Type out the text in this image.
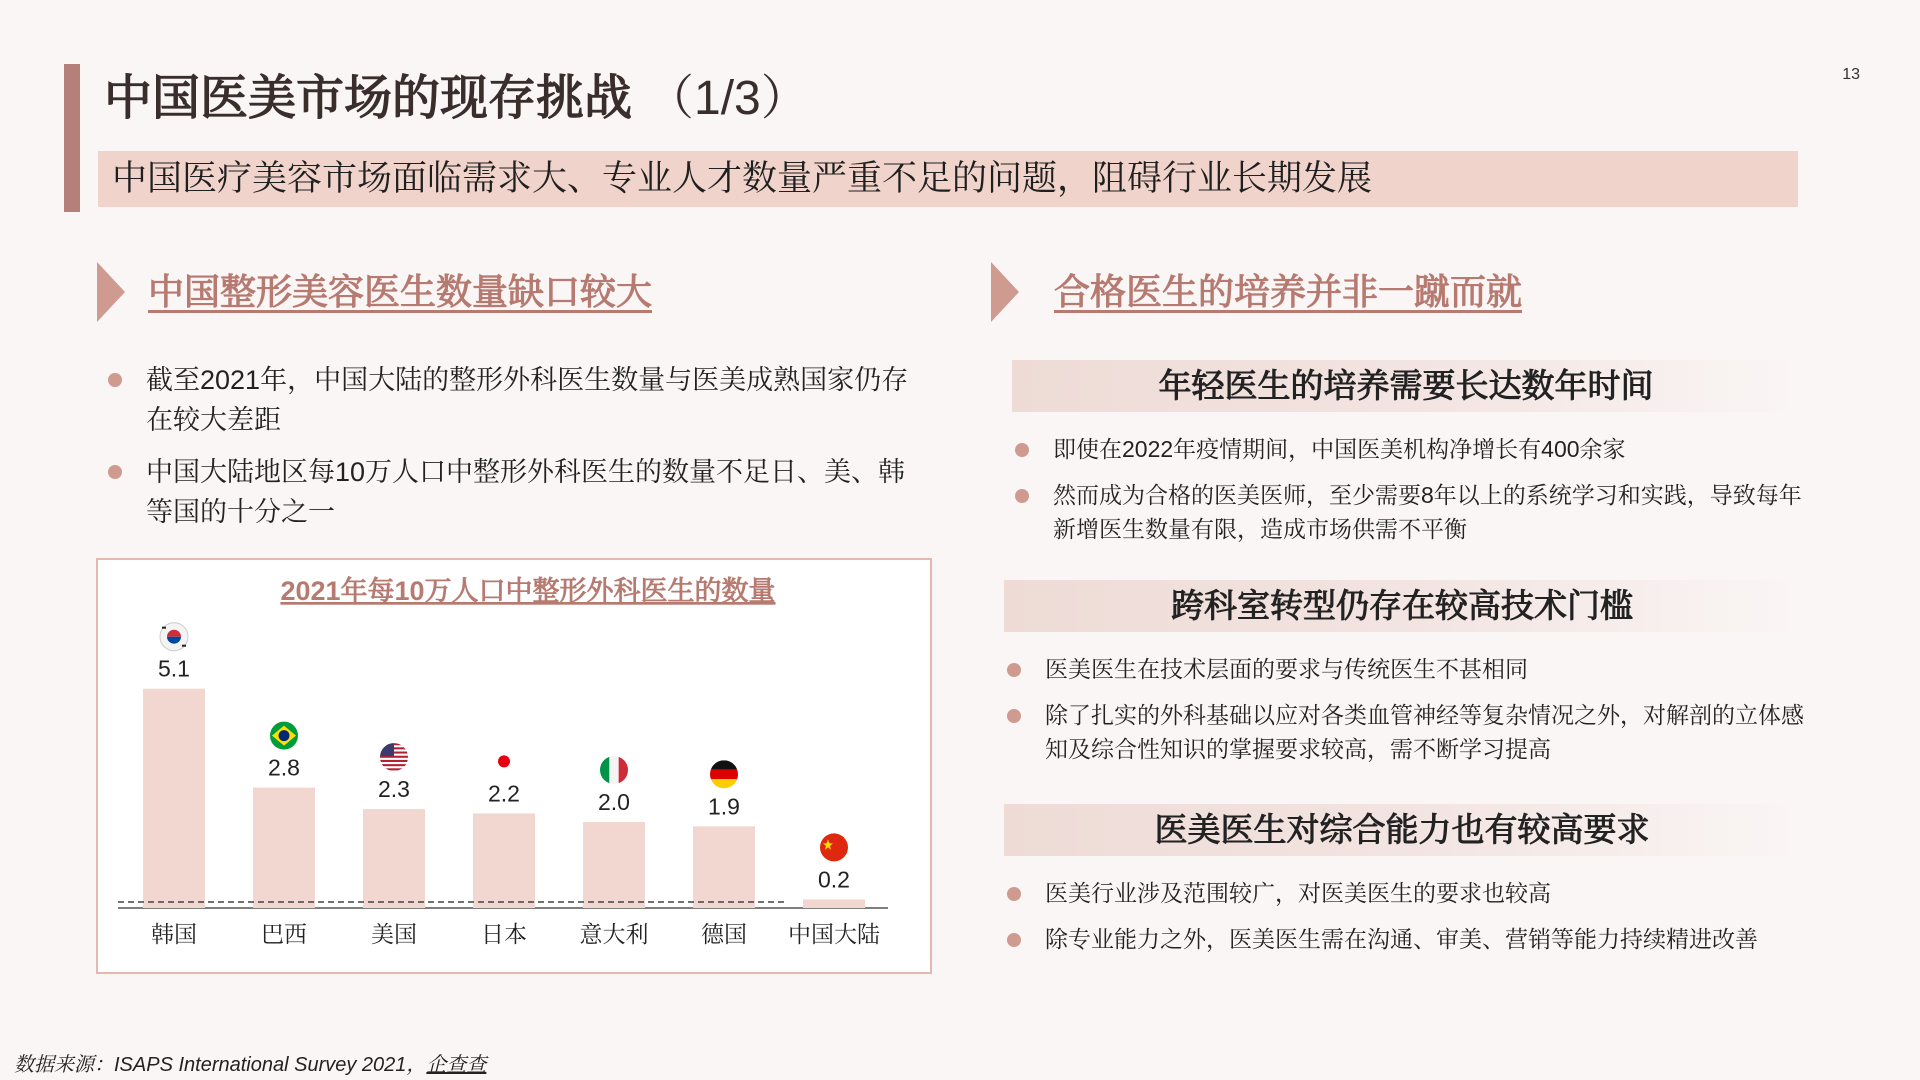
中国医美市场的现存挑战 （1/3）	13
中国医疗美容市场面临需求大、专业人才数量严重不足的问题，阻碍行业长期发展
中国整形美容医生数量缺口较大
截至2021年，中国大陆的整形外科医生数量与医美成熟国家仍存在较大差距
中国大陆地区每10万人口中整形外科医生的数量不足日、美、韩等国的十分之一
2021年每10万人口中整形外科医生的数量
5.1
韩国
2.8
巴西
2.3
美国
2.2
日本
2.0
意大利
1.9
德国
0.2
中国大陆
合格医生的培养并非一蹴而就
年轻医生的培养需要长达数年时间
即使在2022年疫情期间，中国医美机构净增长有400余家
然而成为合格的医美医师，至少需要8年以上的系统学习和实践，导致每年新增医生数量有限，造成市场供需不平衡
跨科室转型仍存在较高技术门槛
医美医生在技术层面的要求与传统医生不甚相同
除了扎实的外科基础以应对各类血管神经等复杂情况之外，对解剖的立体感知及综合性知识的掌握要求较高，需不断学习提高
医美医生对综合能力也有较高要求
医美行业涉及范围较广，对医美医生的要求也较高
除专业能力之外，医美医生需在沟通、审美、营销等能力持续精进改善
数据来源：ISAPS International Survey 2021，企查查
